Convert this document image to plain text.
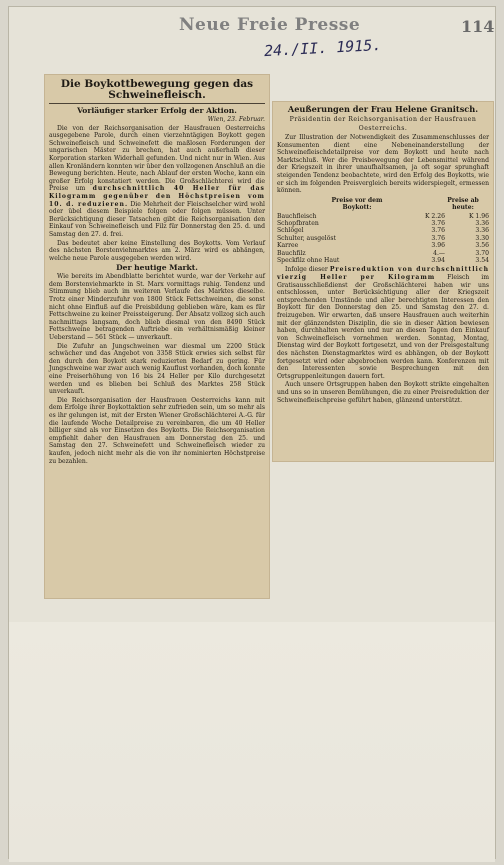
Neue Freie Presse	114
24./II. 1915.
Die Boykottbewegung gegen das Schweinefleisch.
Vorläufiger starker Erfolg der Aktion.
Wien, 23. Februar.

Die von der Reichsorganisation der Hausfrauen Oesterreichs ausgegebene Parole, durch einen vierzehntägigen Boykott gegen Schweinefleisch und Schweinefett die maßlosen Forderungen der ungarischen Mäster zu brechen, hat auch außerhalb dieser Korporation starken Widerhall gefunden. Und nicht nur in Wien. Aus allen Kronländern konnten wir über den vollzogenen Anschluß an die Bewegung berichten. Heute, nach Ablauf der ersten Woche, kann ein großer Erfolg konstatiert werden. Die Großschlächterei wird die Preise um durchschnittlich 40 Heller für das Kilogramm gegenüber den Höchstpreisen vom 10. d. reduzieren. Die Mehrheit der Fleischselcher wird wohl oder übel diesem Beispiele folgen oder folgen müssen. Unter Berücksichtigung dieser Tatsachen gibt die Reichsorganisation den Einkauf von Schweinefleisch und Filz für Donnerstag den 25. d. und Samstag den 27. d. frei.

Das bedeutet aber keine Einstellung des Boykotts. Vom Verlauf des nächsten Borstenviehmarktes am 2. März wird es abhängen, welche neue Parole ausgegeben werden wird.

Der heutige Markt.

Wie bereits im Abendblatte berichtet wurde, war der Verkehr auf dem Borstenviehmarkte in St. Marx vormittags ruhig. Tendenz und Stimmung blieb auch im weiteren Verlaufe des Marktes dieselbe. Trotz einer Minderzufuhr von 1800 Stück Fettschweinen, die sonst nicht ohne Einfluß auf die Preisbildung geblieben wäre, kam es für Fettschweine zu keiner Preissteigerung. Der Absatz vollzog sich auch nachmittags langsam, doch blieb diesmal von den 8490 Stück Fettschweine betragenden Auftriebe ein verhältnismäßig kleiner Ueberstand — 561 Stück — unverkauft.

Die Zufuhr an Jungschweinen war diesmal um 2200 Stück schwächer und das Angebot von 3358 Stück erwies sich selbst für den durch den Boykott stark reduzierten Bedarf zu gering. Für Jungschweine war zwar auch wenig Kauflust vorhanden, doch konnte eine Preiserhöhung von 16 bis 24 Heller per Kilo durchgesetzt werden und es blieben bei Schluß des Marktes 258 Stück unverkauft.

Die Reichsorganisation der Hausfrauen Oesterreichs kann mit dem Erfolge ihrer Boykottaktion sehr zufrieden sein, um so mehr als es ihr gelungen ist, mit der Ersten Wiener Großschlächterei A.-G. für die laufende Woche Detailpreise zu vereinbaren, die um 40 Heller billiger sind als vor Einsetzen des Boykotts. Die Reichsorganisation empfiehlt daher den Hausfrauen am Donnerstag den 25. und Samstag den 27. Schweinefett und Schweinefleisch wieder zu kaufen, jedoch nicht mehr als die von ihr nominierten Höchstpreise zu bezahlen.

Aeußerungen der Frau Helene Granitsch.
Präsidentin der Reichsorganisation der Hausfrauen Oesterreichs.

Zur Illustration der Notwendigkeit des Zusammenschlusses der Konsumenten dient eine Nebeneinanderstellung der Schweinefleischdetailpreise vor dem Boykott und heute nach Marktschluß. Wer die Preisbewegung der Lebensmittel während der Kriegszeit in ihrer unaufhaltsamen, ja oft sogar sprunghaft steigenden Tendenz beobachtete, wird den Erfolg des Boykotts, wie er sich im folgenden Preisvergleich bereits widerspiegelt, ermessen können.

Preise vor dem Boykott:
Preise ab heute:
Bauchfleisch	K 2.26	K 1.96
Schopfbraten	3.76	3.36
Schlögel	3.76	3.36
Schulter, ausgelöst	3.76	3.30
Karree	3.96	3.56
Bauchfilz	4.—	3.70
Speckfilz ohne Haut	3.94	3.54

Infolge dieser Preisreduktion von durchschnittlich vierzig Heller per Kilogramm Fleisch im Gratisausschließdienst der Großschlächterei haben wir uns entschlossen, unter Berücksichtigung aller der Kriegszeit entsprechenden Umstände und aller berechtigten Interessen den Boykott für den Donnerstag den 25. und Samstag den 27. d. freizugeben. Wir erwarten, daß unsere Hausfrauen auch weiterhin mit der glänzendsten Disziplin, die sie in dieser Aktion bewiesen haben, durchhalten werden und nur an diesen Tagen den Einkauf von Schweinefleisch vornehmen werden. Sonntag, Montag, Dienstag wird der Boykott fortgesetzt, und von der Preisgestaltung des nächsten Dienstagmarktes wird es abhängen, ob der Boykott fortgesetzt wird oder abgebrochen werden kann. Konferenzen mit den Interessenten sowie Besprechungen mit den Ortsgruppenleitungen dauern fort.

Auch unsere Ortsgruppen haben den Boykott strikte eingehalten und uns so in unseren Bemühungen, die zu einer Preisreduktion der Schweinefleischpreise geführt haben, glänzend unterstützt.
